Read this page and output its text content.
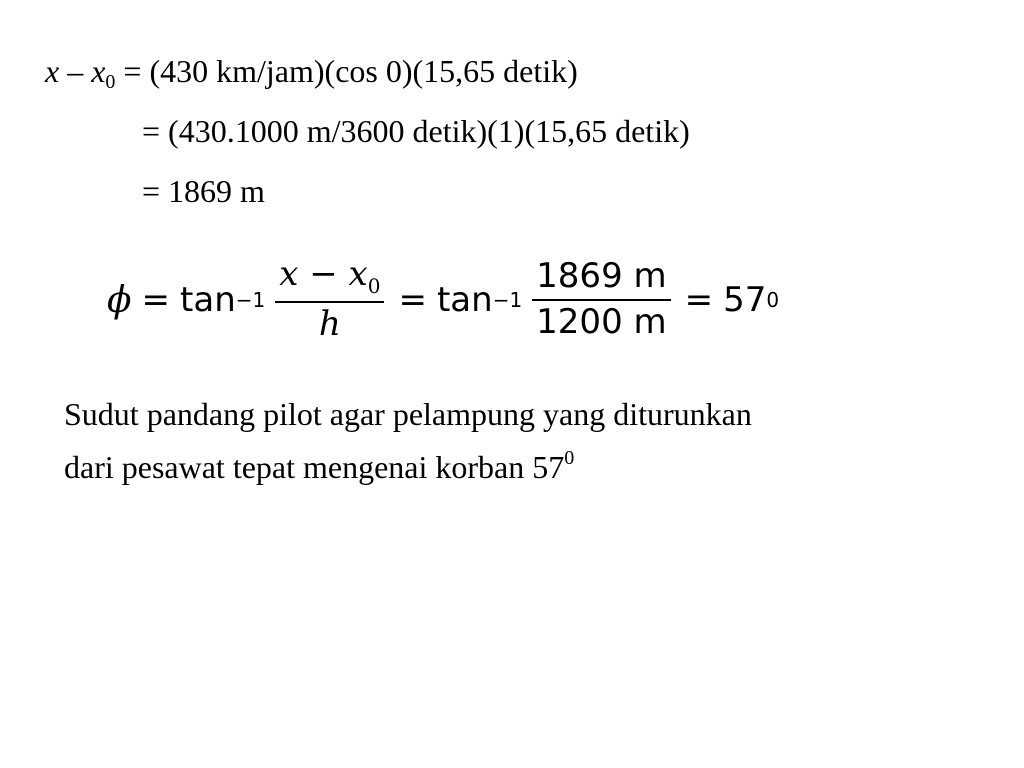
$x - x_0 = (430$ km/jam)(cos 0)(15,65 detik)
= (430.1000 m/3600 detik)(1)(15,65 detik)
= 1869 m
$\phi = \tan -1 \frac{x - x_0}{h} = \tan -1 \frac{1869 m}{1200 m} = 57$ 0
Sudut pandang pilot agar pelampung yang diturunkan
dari pesawat tepat mengenai korban $57^0$
